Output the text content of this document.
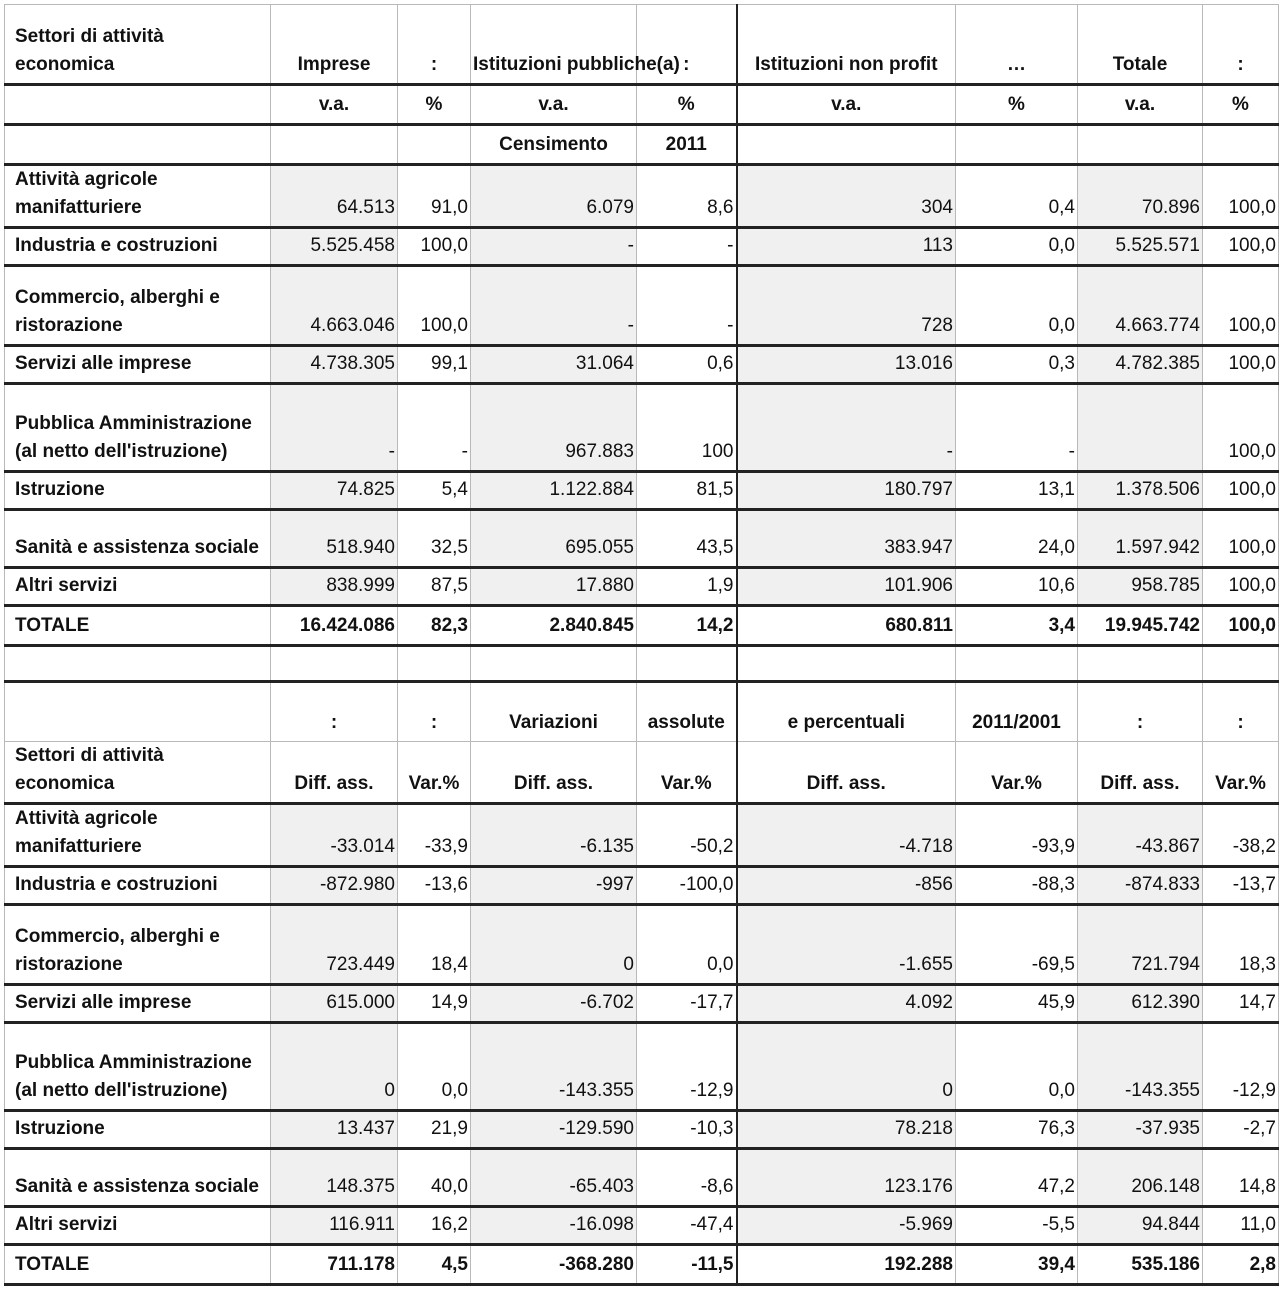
Settori di attività economica	Imprese	:	Istituzioni pubbliche(a)	:	Istituzioni non profit	…	Totale	:
	v.a.	%	v.a.	%	v.a.	%	v.a.	%
			Censimento	2011				
Attività agricole manifatturiere	64.513	91,0	6.079	8,6	304	0,4	70.896	100,0
Industria e costruzioni	5.525.458	100,0	-	-	113	0,0	5.525.571	100,0
Commercio, alberghi e ristorazione	4.663.046	100,0	-	-	728	0,0	4.663.774	100,0
Servizi alle imprese	4.738.305	99,1	31.064	0,6	13.016	0,3	4.782.385	100,0
Pubblica Amministrazione (al netto dell'istruzione)	-	-	967.883	100	-	-		100,0
Istruzione	74.825	5,4	1.122.884	81,5	180.797	13,1	1.378.506	100,0
Sanità e assistenza sociale	518.940	32,5	695.055	43,5	383.947	24,0	1.597.942	100,0
Altri servizi	838.999	87,5	17.880	1,9	101.906	10,6	958.785	100,0
TOTALE	16.424.086	82,3	2.840.845	14,2	680.811	3,4	19.945.742	100,0

	:	:	Variazioni	assolute	e percentuali	2011/2001	:	:
Settori di attività economica	Diff. ass.	Var.%	Diff. ass.	Var.%	Diff. ass.	Var.%	Diff. ass.	Var.%
Attività agricole manifatturiere	-33.014	-33,9	-6.135	-50,2	-4.718	-93,9	-43.867	-38,2
Industria e costruzioni	-872.980	-13,6	-997	-100,0	-856	-88,3	-874.833	-13,7
Commercio, alberghi e ristorazione	723.449	18,4	0	0,0	-1.655	-69,5	721.794	18,3
Servizi alle imprese	615.000	14,9	-6.702	-17,7	4.092	45,9	612.390	14,7
Pubblica Amministrazione (al netto dell'istruzione)	0	0,0	-143.355	-12,9	0	0,0	-143.355	-12,9
Istruzione	13.437	21,9	-129.590	-10,3	78.218	76,3	-37.935	-2,7
Sanità e assistenza sociale	148.375	40,0	-65.403	-8,6	123.176	47,2	206.148	14,8
Altri servizi	116.911	16,2	-16.098	-47,4	-5.969	-5,5	94.844	11,0
TOTALE	711.178	4,5	-368.280	-11,5	192.288	39,4	535.186	2,8
